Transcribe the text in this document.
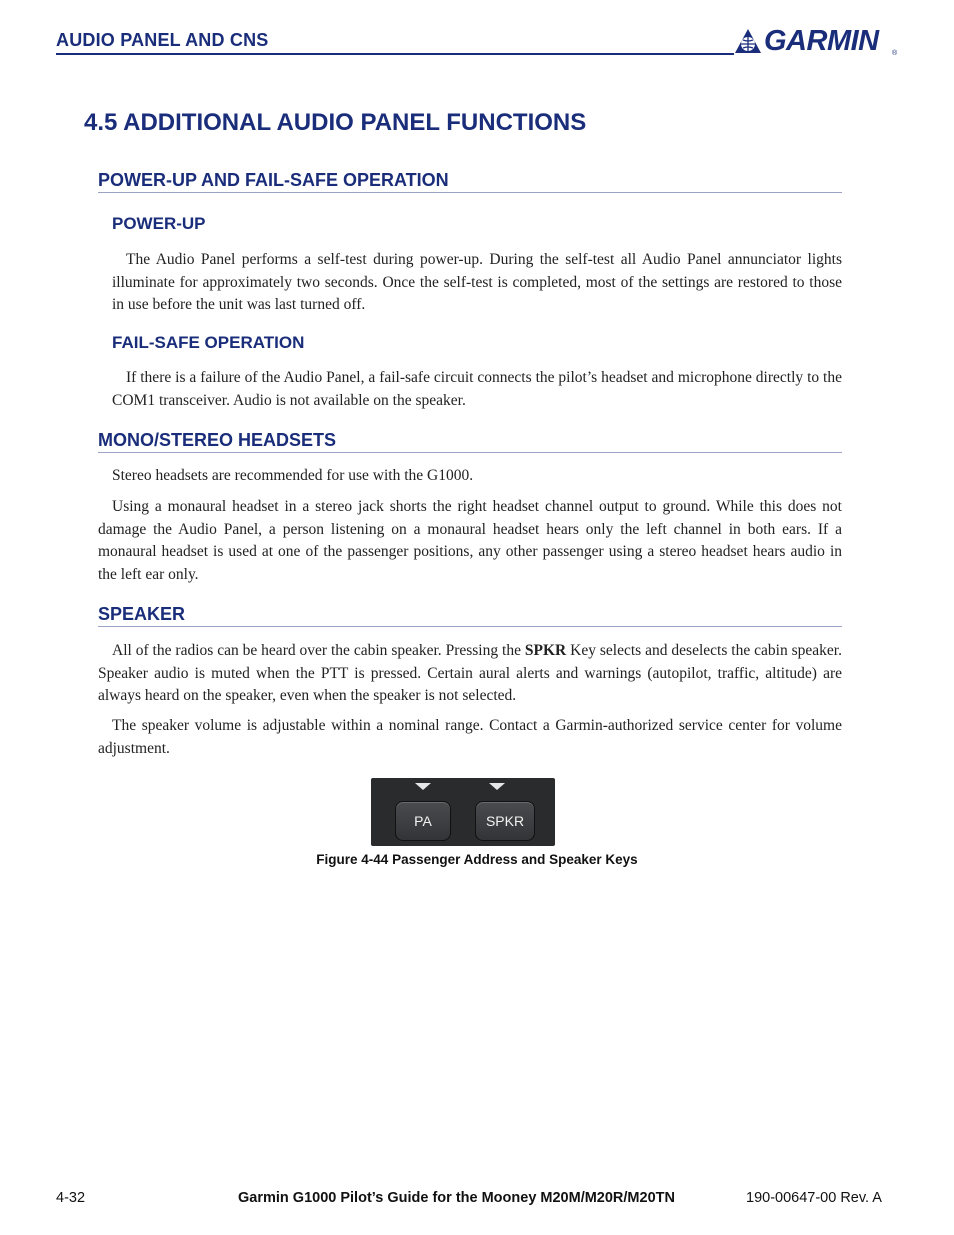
AUDIO PANEL AND CNS	GARMIN ®
4.5 ADDITIONAL AUDIO PANEL FUNCTIONS
POWER-UP AND FAIL-SAFE OPERATION
POWER-UP
The Audio Panel performs a self-test during power-up. During the self-test all Audio Panel annunciator lights illuminate for approximately two seconds. Once the self-test is completed, most of the settings are restored to those in use before the unit was last turned off.
FAIL-SAFE OPERATION
If there is a failure of the Audio Panel, a fail-safe circuit connects the pilot’s headset and microphone directly to the COM1 transceiver. Audio is not available on the speaker.
MONO/STEREO HEADSETS
Stereo headsets are recommended for use with the G1000.
Using a monaural headset in a stereo jack shorts the right headset channel output to ground. While this does not damage the Audio Panel, a person listening on a monaural headset hears only the left channel in both ears. If a monaural headset is used at one of the passenger positions, any other passenger using a stereo headset hears audio in the left ear only.
SPEAKER
All of the radios can be heard over the cabin speaker. Pressing the SPKR Key selects and deselects the cabin speaker. Speaker audio is muted when the PTT is pressed. Certain aural alerts and warnings (autopilot, traffic, altitude) are always heard on the speaker, even when the speaker is not selected.
The speaker volume is adjustable within a nominal range. Contact a Garmin-authorized service center for volume adjustment.
PA	SPKR
Figure 4-44 Passenger Address and Speaker Keys
4-32	Garmin G1000 Pilot’s Guide for the Mooney M20M/M20R/M20TN	190-00647-00 Rev. A
